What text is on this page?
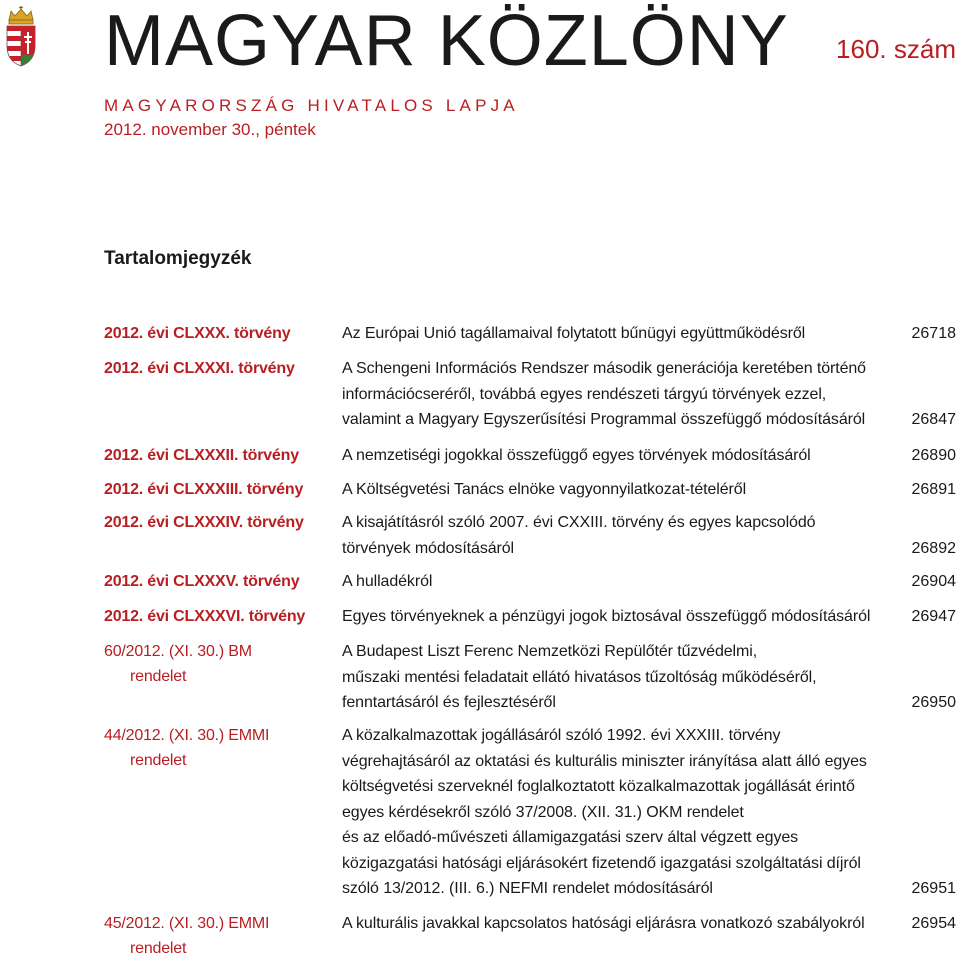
MAGYAR KÖZLÖNY 160. szám
MAGYARORSZÁG HIVATALOS LAPJA
2012. november 30., péntek
Tartalomjegyzék
2012. évi CLXXX. törvény	Az Európai Unió tagállamaival folytatott bűnügyi együttműködésről	26718
2012. évi CLXXXI. törvény	A Schengeni Információs Rendszer második generációja keretében történő
információcseréről, továbbá egyes rendészeti tárgyú törvények ezzel,
valamint a Magyary Egyszerűsítési Programmal összefüggő módosításáról	26847
2012. évi CLXXXII. törvény	A nemzetiségi jogokkal összefüggő egyes törvények módosításáról	26890
2012. évi CLXXXIII. törvény	A Költségvetési Tanács elnöke vagyonnyilatkozat-tételéről	26891
2012. évi CLXXXIV. törvény	A kisajátításról szóló 2007. évi CXXIII. törvény és egyes kapcsolódó
törvények módosításáról	26892
2012. évi CLXXXV. törvény	A hulladékról	26904
2012. évi CLXXXVI. törvény	Egyes törvényeknek a pénzügyi jogok biztosával összefüggő módosításáról	26947
60/2012. (XI. 30.) BM
rendelet
A Budapest Liszt Ferenc Nemzetközi Repülőtér tűzvédelmi,
műszaki mentési feladatait ellátó hivatásos tűzoltóság működéséről,
fenntartásáról és fejlesztéséről	26950
44/2012. (XI. 30.) EMMI
rendelet
A közalkalmazottak jogállásáról szóló 1992. évi XXXIII. törvény
végrehajtásáról az oktatási és kulturális miniszter irányítása alatt álló egyes
költségvetési szerveknél foglalkoztatott közalkalmazottak jogállását érintő
egyes kérdésekről szóló 37/2008. (XII. 31.) OKM rendelet
és az előadó-művészeti államigazgatási szerv által végzett egyes
közigazgatási hatósági eljárásokért fizetendő igazgatási szolgáltatási díjról
szóló 13/2012. (III. 6.) NEFMI rendelet módosításáról	26951
45/2012. (XI. 30.) EMMI
rendelet
A kulturális javakkal kapcsolatos hatósági eljárásra vonatkozó szabályokról	26954
